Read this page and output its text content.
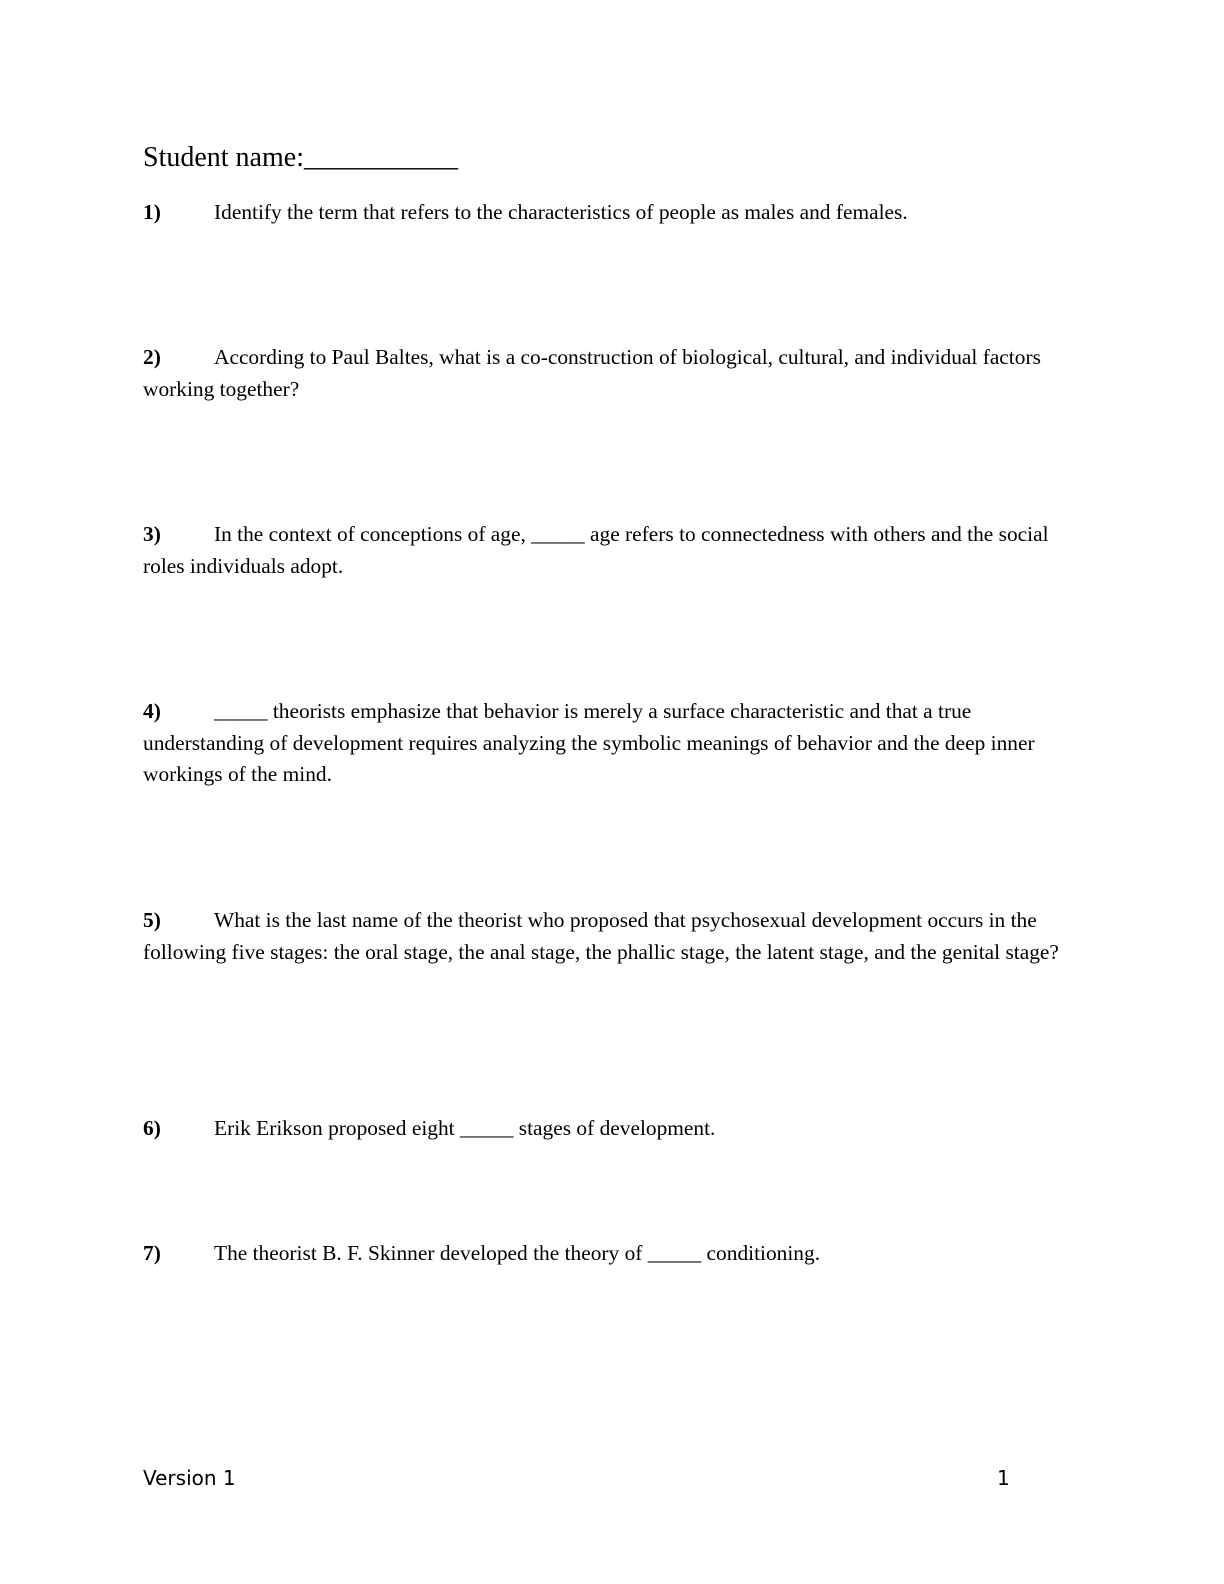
Student name:___________
1) Identify the term that refers to the characteristics of people as males and females.
2) According to Paul Baltes, what is a co-construction of biological, cultural, and individual factors working together?
3) In the context of conceptions of age, _____ age refers to connectedness with others and the social roles individuals adopt.
4) _____ theorists emphasize that behavior is merely a surface characteristic and that a true understanding of development requires analyzing the symbolic meanings of behavior and the deep inner workings of the mind.
5) What is the last name of the theorist who proposed that psychosexual development occurs in the following five stages: the oral stage, the anal stage, the phallic stage, the latent stage, and the genital stage?
6) Erik Erikson proposed eight _____ stages of development.
7) The theorist B. F. Skinner developed the theory of _____ conditioning.
Version 1	1
